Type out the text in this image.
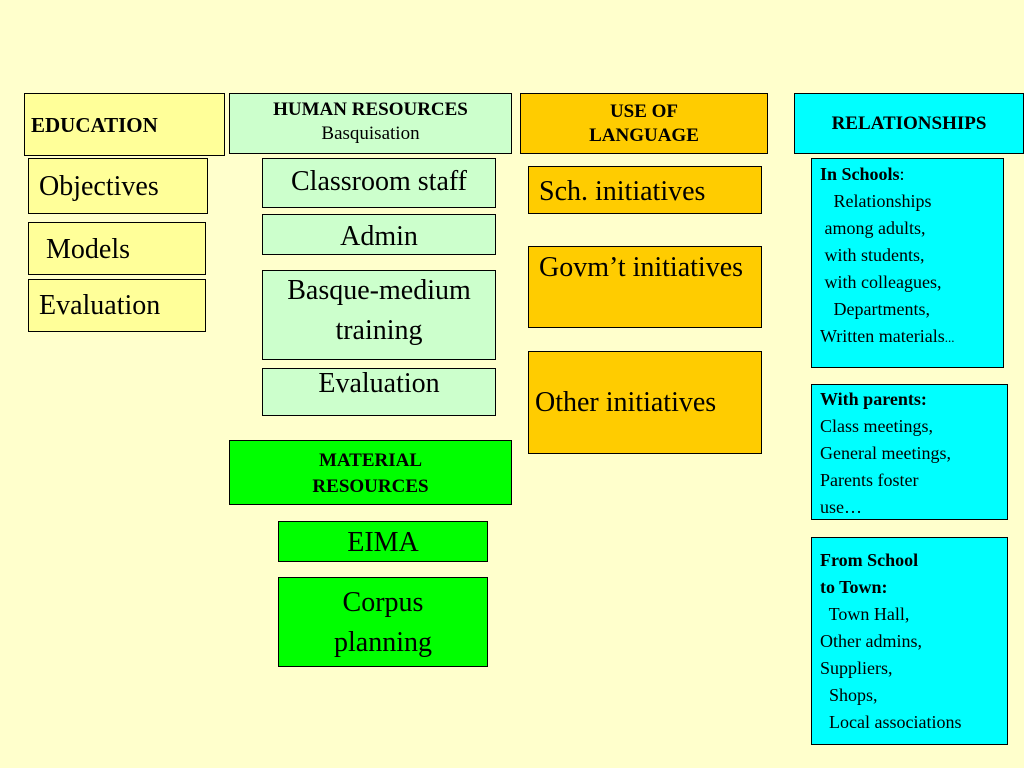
EDUCATION
Objectives
Models
Evaluation
HUMAN RESOURCES
Basquisation
Classroom staff
Admin
Basque-medium training
Evaluation
MATERIAL
RESOURCES
EIMA
Corpus planning
USE OF
LANGUAGE
Sch. initiatives
Govm’t initiatives
Other initiatives
RELATIONSHIPS
In Schools:
Relationships
among adults,
with students,
with colleagues,
Departments,
Written materials...
With parents:
Class meetings,
General meetings,
Parents foster
use…
From School
to Town:
Town Hall,
Other admins,
Suppliers,
Shops,
Local associations
